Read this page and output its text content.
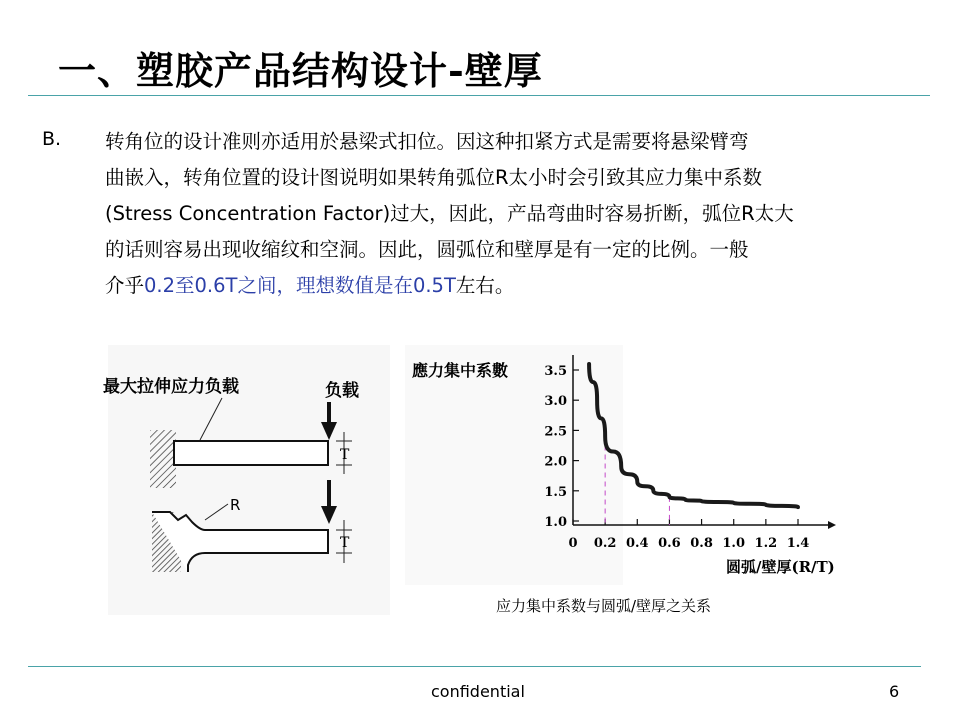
一、塑胶产品结构设计-壁厚
B. 转角位的设计准则亦适用於悬梁式扣位。因这种扣紧方式是需要将悬梁臂弯
曲嵌入，转角位置的设计图说明如果转角弧位R太小时会引致其应力集中系数
(Stress Concentration Factor)过大，因此，产品弯曲时容易折断，弧位R太大
的话则容易出现收缩纹和空洞。因此，圆弧位和壁厚是有一定的比例。一般
介乎0.2至0.6T之间，理想数值是在0.5T左右。
最大拉伸应力负载	负载
T
R
T
應力集中系數
0 0.2 0.4 0.6 0.8 1.0 1.2 1.4
1.0
1.5
2.0
2.5
3.0
3.5
圆弧/壁厚(R/T)
应力集中系数与圆弧/壁厚之关系
confidential	6
